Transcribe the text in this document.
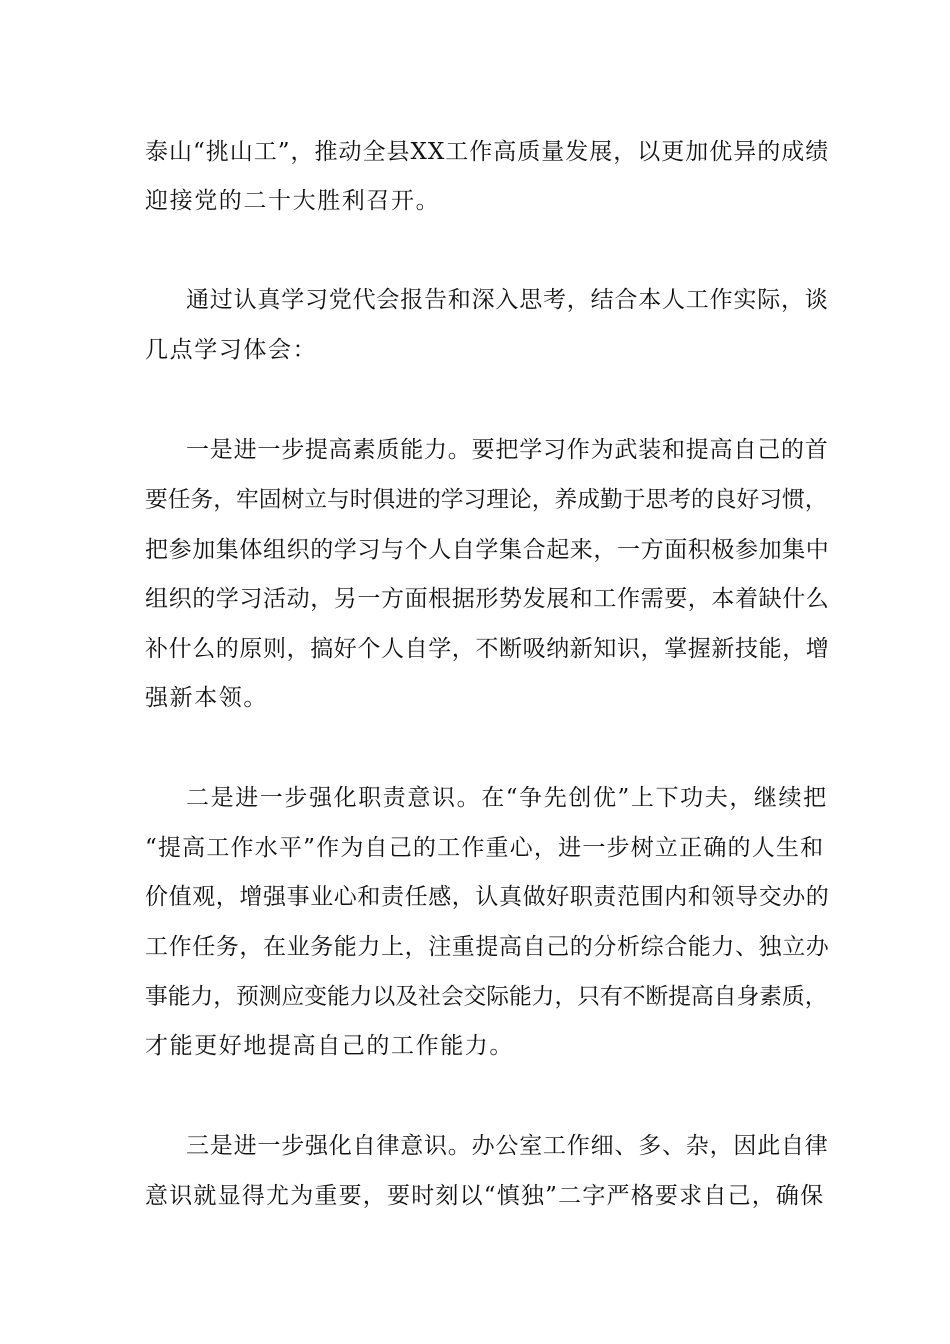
泰山“挑山工”，推动全县XX工作高质量发展，以更加优异的成绩
迎接党的二十大胜利召开。
通过认真学习党代会报告和深入思考，结合本人工作实际，谈
几点学习体会：
一是进一步提高素质能力。要把学习作为武装和提高自己的首
要任务，牢固树立与时俱进的学习理论，养成勤于思考的良好习惯，
把参加集体组织的学习与个人自学集合起来，一方面积极参加集中
组织的学习活动，另一方面根据形势发展和工作需要，本着缺什么
补什么的原则，搞好个人自学，不断吸纳新知识，掌握新技能，增
强新本领。
二是进一步强化职责意识。在“争先创优”上下功夫，继续把
“提高工作水平”作为自己的工作重心，进一步树立正确的人生和
价值观，增强事业心和责任感，认真做好职责范围内和领导交办的
工作任务，在业务能力上，注重提高自己的分析综合能力、独立办
事能力，预测应变能力以及社会交际能力，只有不断提高自身素质，
才能更好地提高自己的工作能力。
三是进一步强化自律意识。办公室工作细、多、杂，因此自律
意识就显得尤为重要，要时刻以“慎独”二字严格要求自己，确保
